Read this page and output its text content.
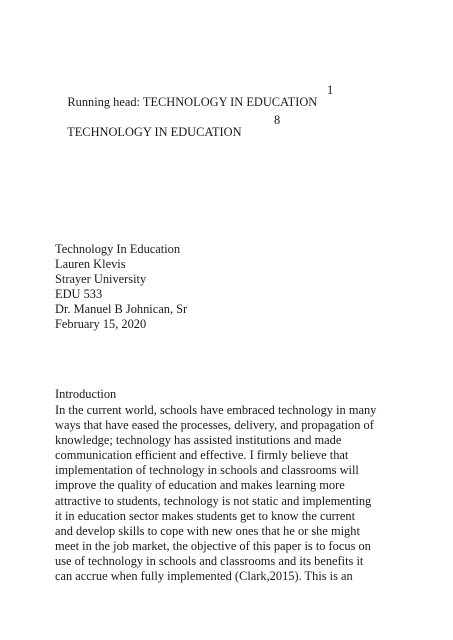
Running head: TECHNOLOGY IN EDUCATION

1

TECHNOLOGY IN EDUCATION

8

Technology In Education
Lauren Klevis
Strayer University
EDU 533
Dr. Manuel B Johnican, Sr
February 15, 2020
Introduction
In the current world, schools have embraced technology in many
ways that have eased the processes, delivery, and propagation of
knowledge; technology has assisted institutions and made
communication efficient and effective. I firmly believe that
implementation of technology in schools and classrooms will
improve the quality of education and makes learning more
attractive to students, technology is not static and implementing
it in education sector makes students get to know the current
and develop skills to cope with new ones that he or she might
meet in the job market, the objective of this paper is to focus on
use of technology in schools and classrooms and its benefits it
can accrue when fully implemented (Clark,2015). This is an
